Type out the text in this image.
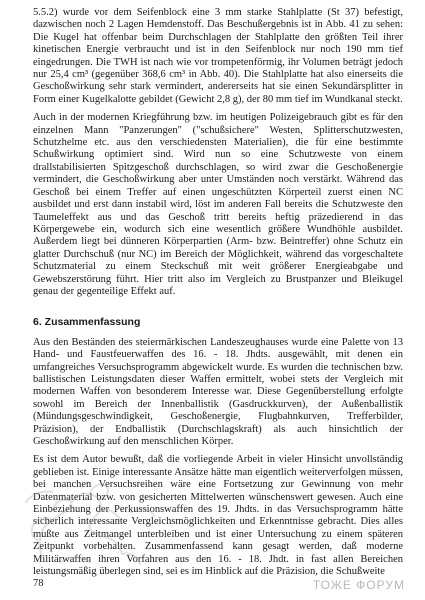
5.5.2) wurde vor dem Seifenblock eine 3 mm starke Stahlplatte (St 37) befestigt, dazwischen noch 2 Lagen Hemdenstoff. Das Beschußergebnis ist in Abb. 41 zu sehen: Die Kugel hat offenbar beim Durchschlagen der Stahlplatte den größten Teil ihrer kinetischen Energie verbraucht und ist in den Seifenblock nur noch 190 mm tief eingedrungen. Die TWH ist nach wie vor trompetenförmig, ihr Volumen beträgt jedoch nur 25,4 cm³ (gegenüber 368,6 cm³ in Abb. 40). Die Stahlplatte hat also einerseits die Geschoßwirkung sehr stark vermindert, andererseits hat sie einen Sekundärsplitter in Form einer Kugelkalotte gebildet (Gewicht 2,8 g), der 80 mm tief im Wundkanal steckt.

Auch in der modernen Kriegführung bzw. im heutigen Polizeigebrauch gibt es für den einzelnen Mann "Panzerungen" ("schußsichere" Westen, Splitterschutzwesten, Schutzhelme etc. aus den verschiedensten Materialien), die für eine bestimmte Schußwirkung optimiert sind. Wird nun so eine Schutzweste von einem drallstabilisierten Spitzgeschoß durchschlagen, so wird zwar die Geschoßenergie vermindert, die Geschoßwirkung aber unter Umständen noch verstärkt. Während das Geschoß bei einem Treffer auf einen ungeschützten Körperteil zuerst einen NC ausbildet und erst dann instabil wird, löst im anderen Fall bereits die Schutzweste den Taumeleffekt aus und das Geschoß tritt bereits heftig präzedierend in das Körpergewebe ein, wodurch sich eine wesentlich größere Wundhöhle ausbildet. Außerdem liegt bei dünneren Körperpartien (Arm- bzw. Beintreffer) ohne Schutz ein glatter Durchschuß (nur NC) im Bereich der Möglichkeit, während das vorgeschaltete Schutzmaterial zu einem Steckschuß mit weit größerer Energieabgabe und Gewebszerstörung führt. Hier tritt also im Vergleich zu Brustpanzer und Bleikugel genau der gegenteilige Effekt auf.

6. Zusammenfassung

Aus den Beständen des steiermärkischen Landeszeughauses wurde eine Palette von 13 Hand- und Faustfeuerwaffen des 16. - 18. Jhdts. ausgewählt, mit denen ein umfangreiches Versuchsprogramm abgewickelt wurde. Es wurden die technischen bzw. ballistischen Leistungsdaten dieser Waffen ermittelt, wobei stets der Vergleich mit modernen Waffen von besonderem Interesse war. Diese Gegenüberstellung erfolgte sowohl im Bereich der Innenballistik (Gasdruckkurven), der Außenballistik (Mündungsgeschwindigkeit, Geschoßenergie, Flugbahnkurven, Trefferbilder, Präzision), der Endballistik (Durchschlagskraft) als auch hinsichtlich der Geschoßwirkung auf den menschlichen Körper.

Es ist dem Autor bewußt, daß die vorliegende Arbeit in vieler Hinsicht unvollständig geblieben ist. Einige interessante Ansätze hätte man eigentlich weiterverfolgen müssen, bei manchen Versuchsreihen wäre eine Fortsetzung zur Gewinnung von mehr Datenmaterial bzw. von gesicherten Mittelwerten wünschenswert gewesen. Auch eine Einbeziehung der Perkussionswaffen des 19. Jhdts. in das Versuchsprogramm hätte sicherlich interessante Vergleichsmöglichkeiten und Erkenntnisse gebracht. Dies alles mußte aus Zeitmangel unterbleiben und ist einer Untersuchung zu einem späteren Zeitpunkt vorbehalten. Zusammenfassend kann gesagt werden, daß moderne Militärwaffen ihren Vorfahren aus den 16. - 18. Jhdt. in fast allen Bereichen leistungsmäßig überlegen sind, sei es im Hinblick auf die Präzision, die Schußweite

78	ТОЖЕ ФОРУМ
